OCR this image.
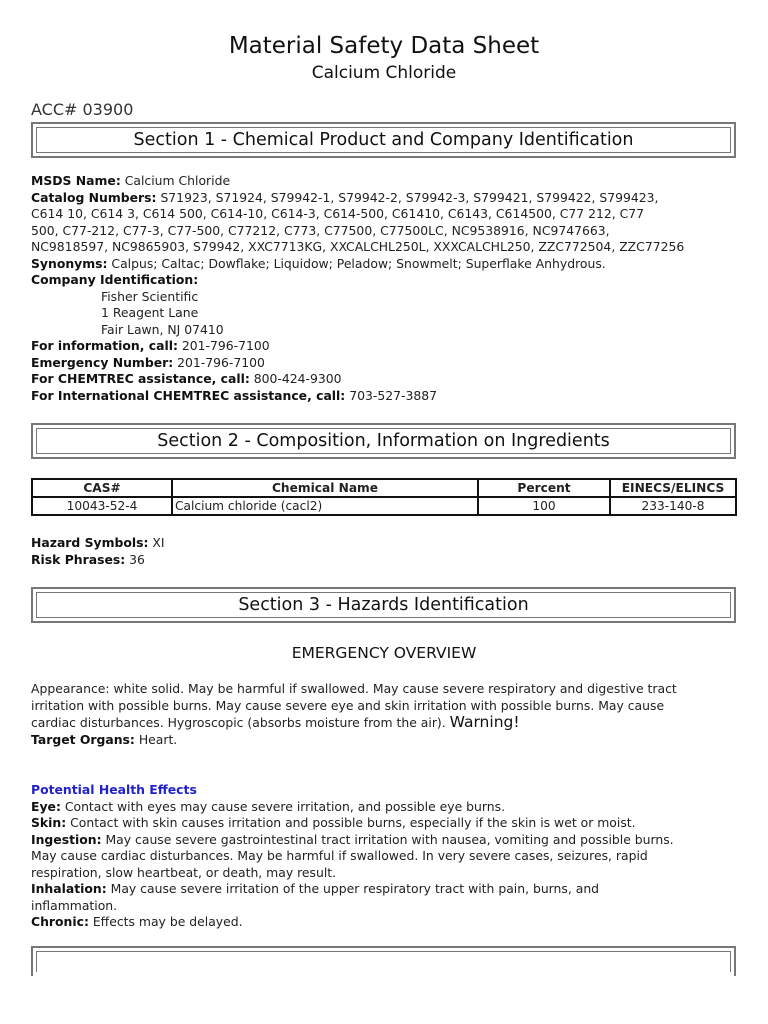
Material Safety Data Sheet
Calcium Chloride
ACC# 03900
Section 1 - Chemical Product and Company Identification
MSDS Name: Calcium Chloride
Catalog Numbers: S71923, S71924, S79942-1, S79942-2, S79942-3, S799421, S799422, S799423,
C614 10, C614 3, C614 500, C614-10, C614-3, C614-500, C61410, C6143, C614500, C77 212, C77
500, C77-212, C77-3, C77-500, C77212, C773, C77500, C77500LC, NC9538916, NC9747663,
NC9818597, NC9865903, S79942, XXC7713KG, XXCALCHL250L, XXXCALCHL250, ZZC772504, ZZC77256
Synonyms: Calpus; Caltac; Dowflake; Liquidow; Peladow; Snowmelt; Superflake Anhydrous.
Company Identification:
Fisher Scientific
1 Reagent Lane
Fair Lawn, NJ 07410
For information, call: 201-796-7100
Emergency Number: 201-796-7100
For CHEMTREC assistance, call: 800-424-9300
For International CHEMTREC assistance, call: 703-527-3887
Section 2 - Composition, Information on Ingredients
CAS#	Chemical Name	Percent	EINECS/ELINCS
10043-52-4	Calcium chloride (cacl2)	100	233-140-8
Hazard Symbols: XI
Risk Phrases: 36
Section 3 - Hazards Identification
EMERGENCY OVERVIEW
Appearance: white solid. May be harmful if swallowed. May cause severe respiratory and digestive tract
irritation with possible burns. May cause severe eye and skin irritation with possible burns. May cause
cardiac disturbances. Hygroscopic (absorbs moisture from the air). Warning!
Target Organs: Heart.
Potential Health Effects
Eye: Contact with eyes may cause severe irritation, and possible eye burns.
Skin: Contact with skin causes irritation and possible burns, especially if the skin is wet or moist.
Ingestion: May cause severe gastrointestinal tract irritation with nausea, vomiting and possible burns.
May cause cardiac disturbances. May be harmful if swallowed. In very severe cases, seizures, rapid
respiration, slow heartbeat, or death, may result.
Inhalation: May cause severe irritation of the upper respiratory tract with pain, burns, and
inflammation.
Chronic: Effects may be delayed.
